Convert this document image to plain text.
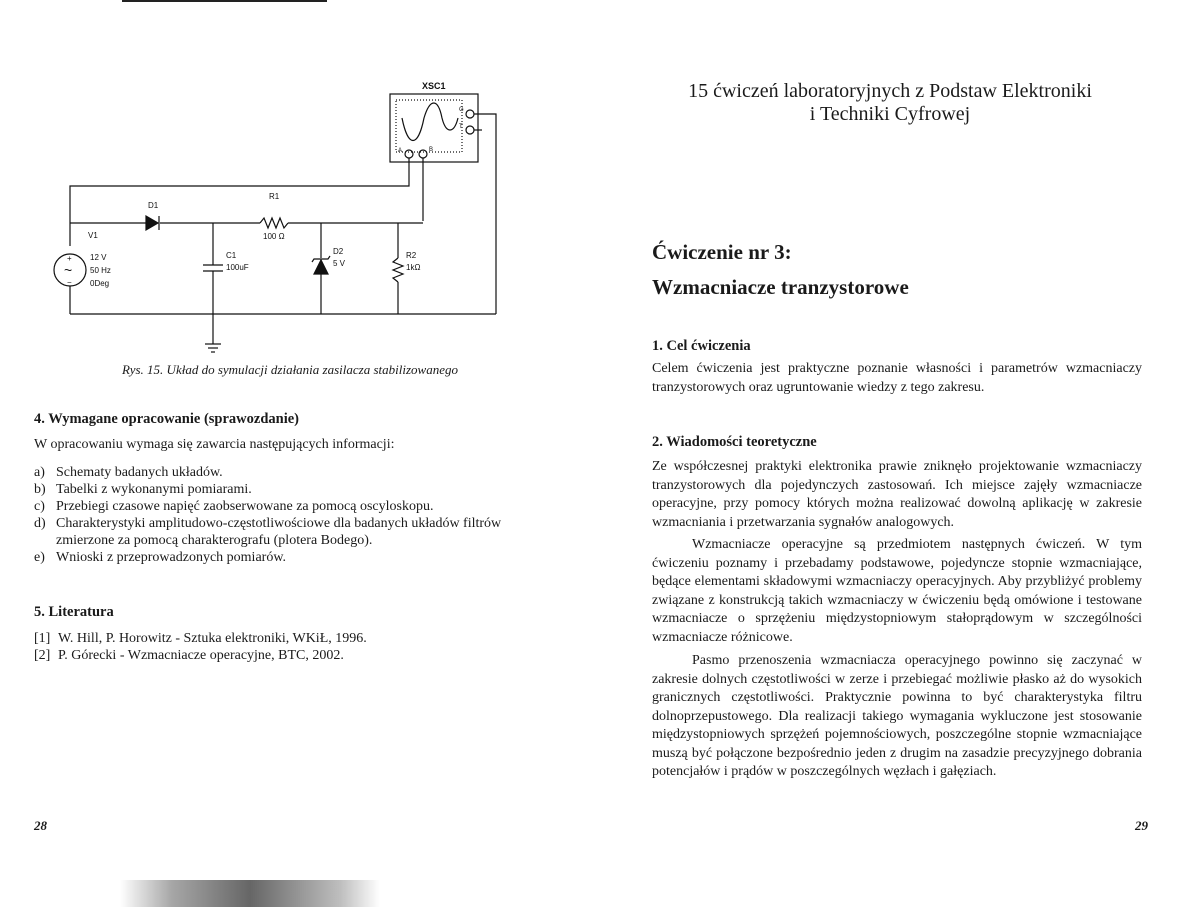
XSC1
G
T
A	B
D1
R1
100 Ω
V1
+
~
−
12 V
50 Hz
0Deg
C1
100uF
D2
5 V
R2
1kΩ
Rys. 15. Układ do symulacji działania zasilacza stabilizowanego
4. Wymagane opracowanie (sprawozdanie)

W opracowaniu wymaga się zawarcia następujących informacji:

a) Schematy badanych układów.
b) Tabelki z wykonanymi pomiarami.
c) Przebiegi czasowe napięć zaobserwowane za pomocą oscyloskopu.
d) Charakterystyki amplitudowo-częstotliwościowe dla badanych układów filtrów zmierzone za pomocą charakterografu (plotera Bodego).
e) Wnioski z przeprowadzonych pomiarów.
5. Literatura
[1] W. Hill, P. Horowitz - Sztuka elektroniki, WKiŁ, 1996.
[2] P. Górecki - Wzmacniacze operacyjne, BTC, 2002.
28
15 ćwiczeń laboratoryjnych z Podstaw Elektroniki
i Techniki Cyfrowej
Ćwiczenie nr 3:
Wzmacniacze tranzystorowe
1. Cel ćwiczenia

Celem ćwiczenia jest praktyczne poznanie własności i parametrów wzmacniaczy tranzystorowych oraz ugruntowanie wiedzy z tego zakresu.

2. Wiadomości teoretyczne

Ze współczesnej praktyki elektronika prawie zniknęło projektowanie wzmacniaczy tranzystorowych dla pojedynczych zastosowań. Ich miejsce zajęły wzmacniacze operacyjne, przy pomocy których można realizować dowolną aplikację w zakresie wzmacniania i przetwarzania sygnałów analogowych.

Wzmacniacze operacyjne są przedmiotem następnych ćwiczeń. W tym ćwiczeniu poznamy i przebadamy podstawowe, pojedyncze stopnie wzmacniające, będące elementami składowymi wzmacniaczy operacyjnych. Aby przybliżyć problemy związane z konstrukcją takich wzmacniaczy w ćwiczeniu będą omówione i testowane wzmacniacze o sprzężeniu międzystopniowym stałoprądowym w szczególności wzmacniacze różnicowe.

Pasmo przenoszenia wzmacniacza operacyjnego powinno się zaczynać w zakresie dolnych częstotliwości w zerze i przebiegać możliwie płasko aż do wysokich granicznych częstotliwości. Praktycznie powinna to być charakterystyka filtru dolnoprzepustowego. Dla realizacji takiego wymagania wykluczone jest stosowanie międzystopniowych sprzężeń pojemnościowych, poszczególne stopnie wzmacniające muszą być połączone bezpośrednio jeden z drugim na zasadzie precyzyjnego dobrania potencjałów i prądów w poszczególnych węzłach i gałęziach.

29
